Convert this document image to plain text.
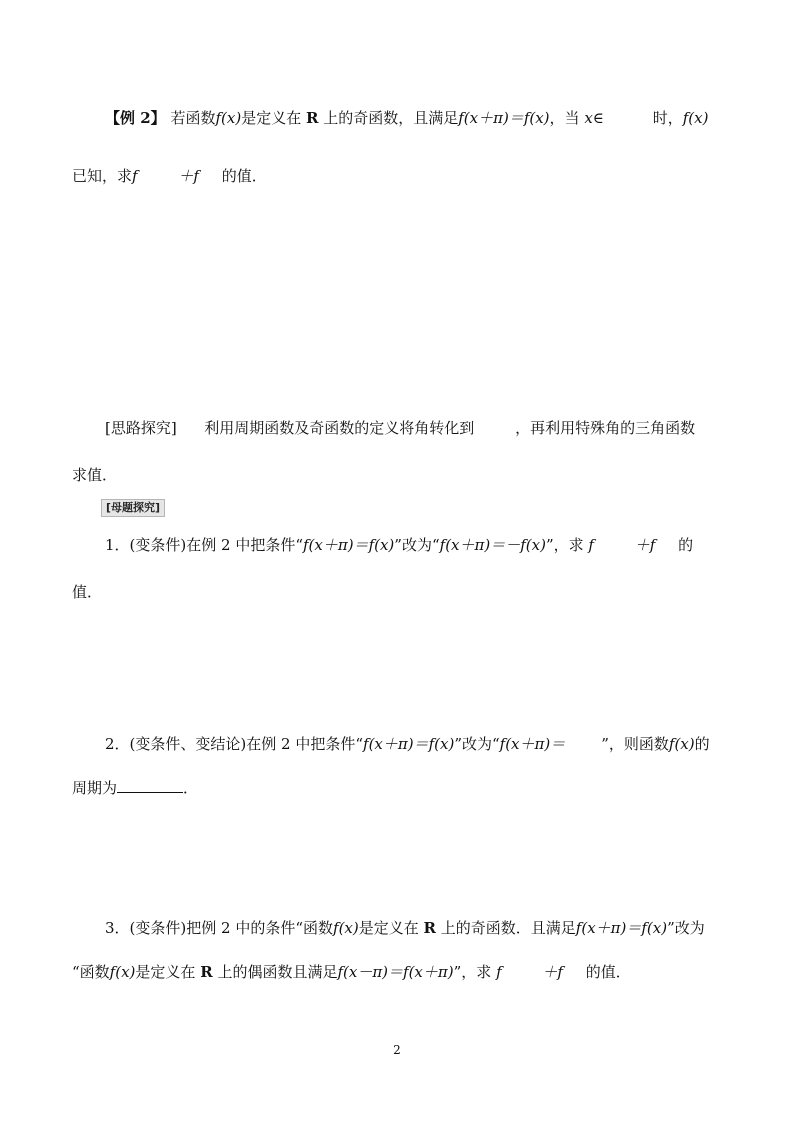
【例 2】 若函数f(x)是定义在 R 上的奇函数，且满足f(x＋π)＝f(x)，当 x∈	时，f(x)
已知，求f	＋f 的值．
[思路探究] 利用周期函数及奇函数的定义将角转化到	，再利用特殊角的三角函数
求值．
[母题探究]
1．(变条件)在例 2 中把条件“f(x＋π)＝f(x)”改为“f(x＋π)＝－f(x)”，求 f	＋f 的
值．
2．(变条件、变结论)在例 2 中把条件“f(x＋π)＝f(x)”改为“f(x＋π)＝ ”，则函数f(x)的
周期为	．
3．(变条件)把例 2 中的条件“函数f(x)是定义在 R 上的奇函数．且满足f(x＋π)＝f(x)”改为
“函数f(x)是定义在 R 上的偶函数且满足f(x－π)＝f(x＋π)”，求 f	＋f 的值．
2
